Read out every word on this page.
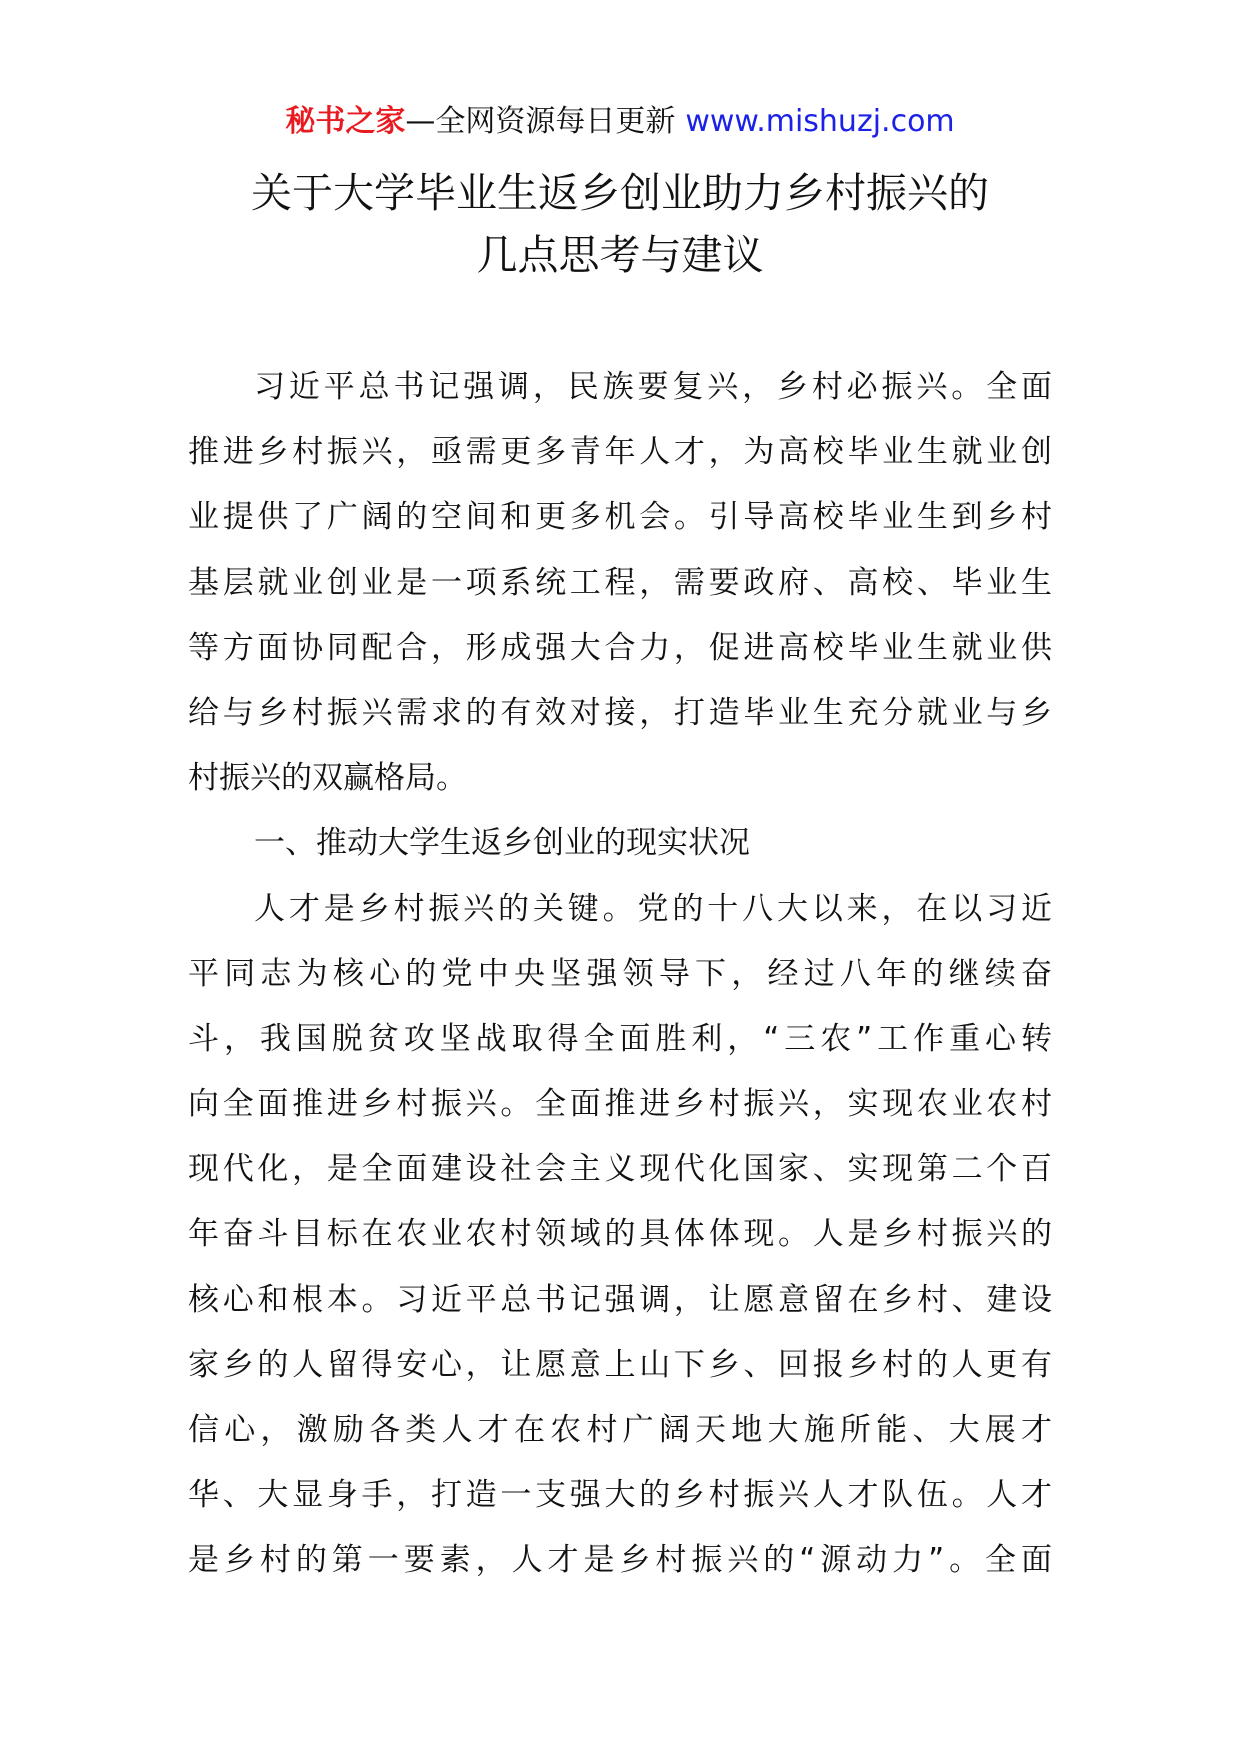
秘书之家—全网资源每日更新 www.mishuzj.com
关于大学毕业生返乡创业助力乡村振兴的
几点思考与建议
习近平总书记强调，民族要复兴，乡村必振兴。全面
推进乡村振兴，亟需更多青年人才，为高校毕业生就业创
业提供了广阔的空间和更多机会。引导高校毕业生到乡村
基层就业创业是一项系统工程，需要政府、高校、毕业生
等方面协同配合，形成强大合力，促进高校毕业生就业供
给与乡村振兴需求的有效对接，打造毕业生充分就业与乡
村振兴的双赢格局。
一、推动大学生返乡创业的现实状况
人才是乡村振兴的关键。党的十八大以来，在以习近
平同志为核心的党中央坚强领导下，经过八年的继续奋
斗，我国脱贫攻坚战取得全面胜利，“三农”工作重心转
向全面推进乡村振兴。全面推进乡村振兴，实现农业农村
现代化，是全面建设社会主义现代化国家、实现第二个百
年奋斗目标在农业农村领域的具体体现。人是乡村振兴的
核心和根本。习近平总书记强调，让愿意留在乡村、建设
家乡的人留得安心，让愿意上山下乡、回报乡村的人更有
信心，激励各类人才在农村广阔天地大施所能、大展才
华、大显身手，打造一支强大的乡村振兴人才队伍。人才
是乡村的第一要素，人才是乡村振兴的“源动力”。全面
